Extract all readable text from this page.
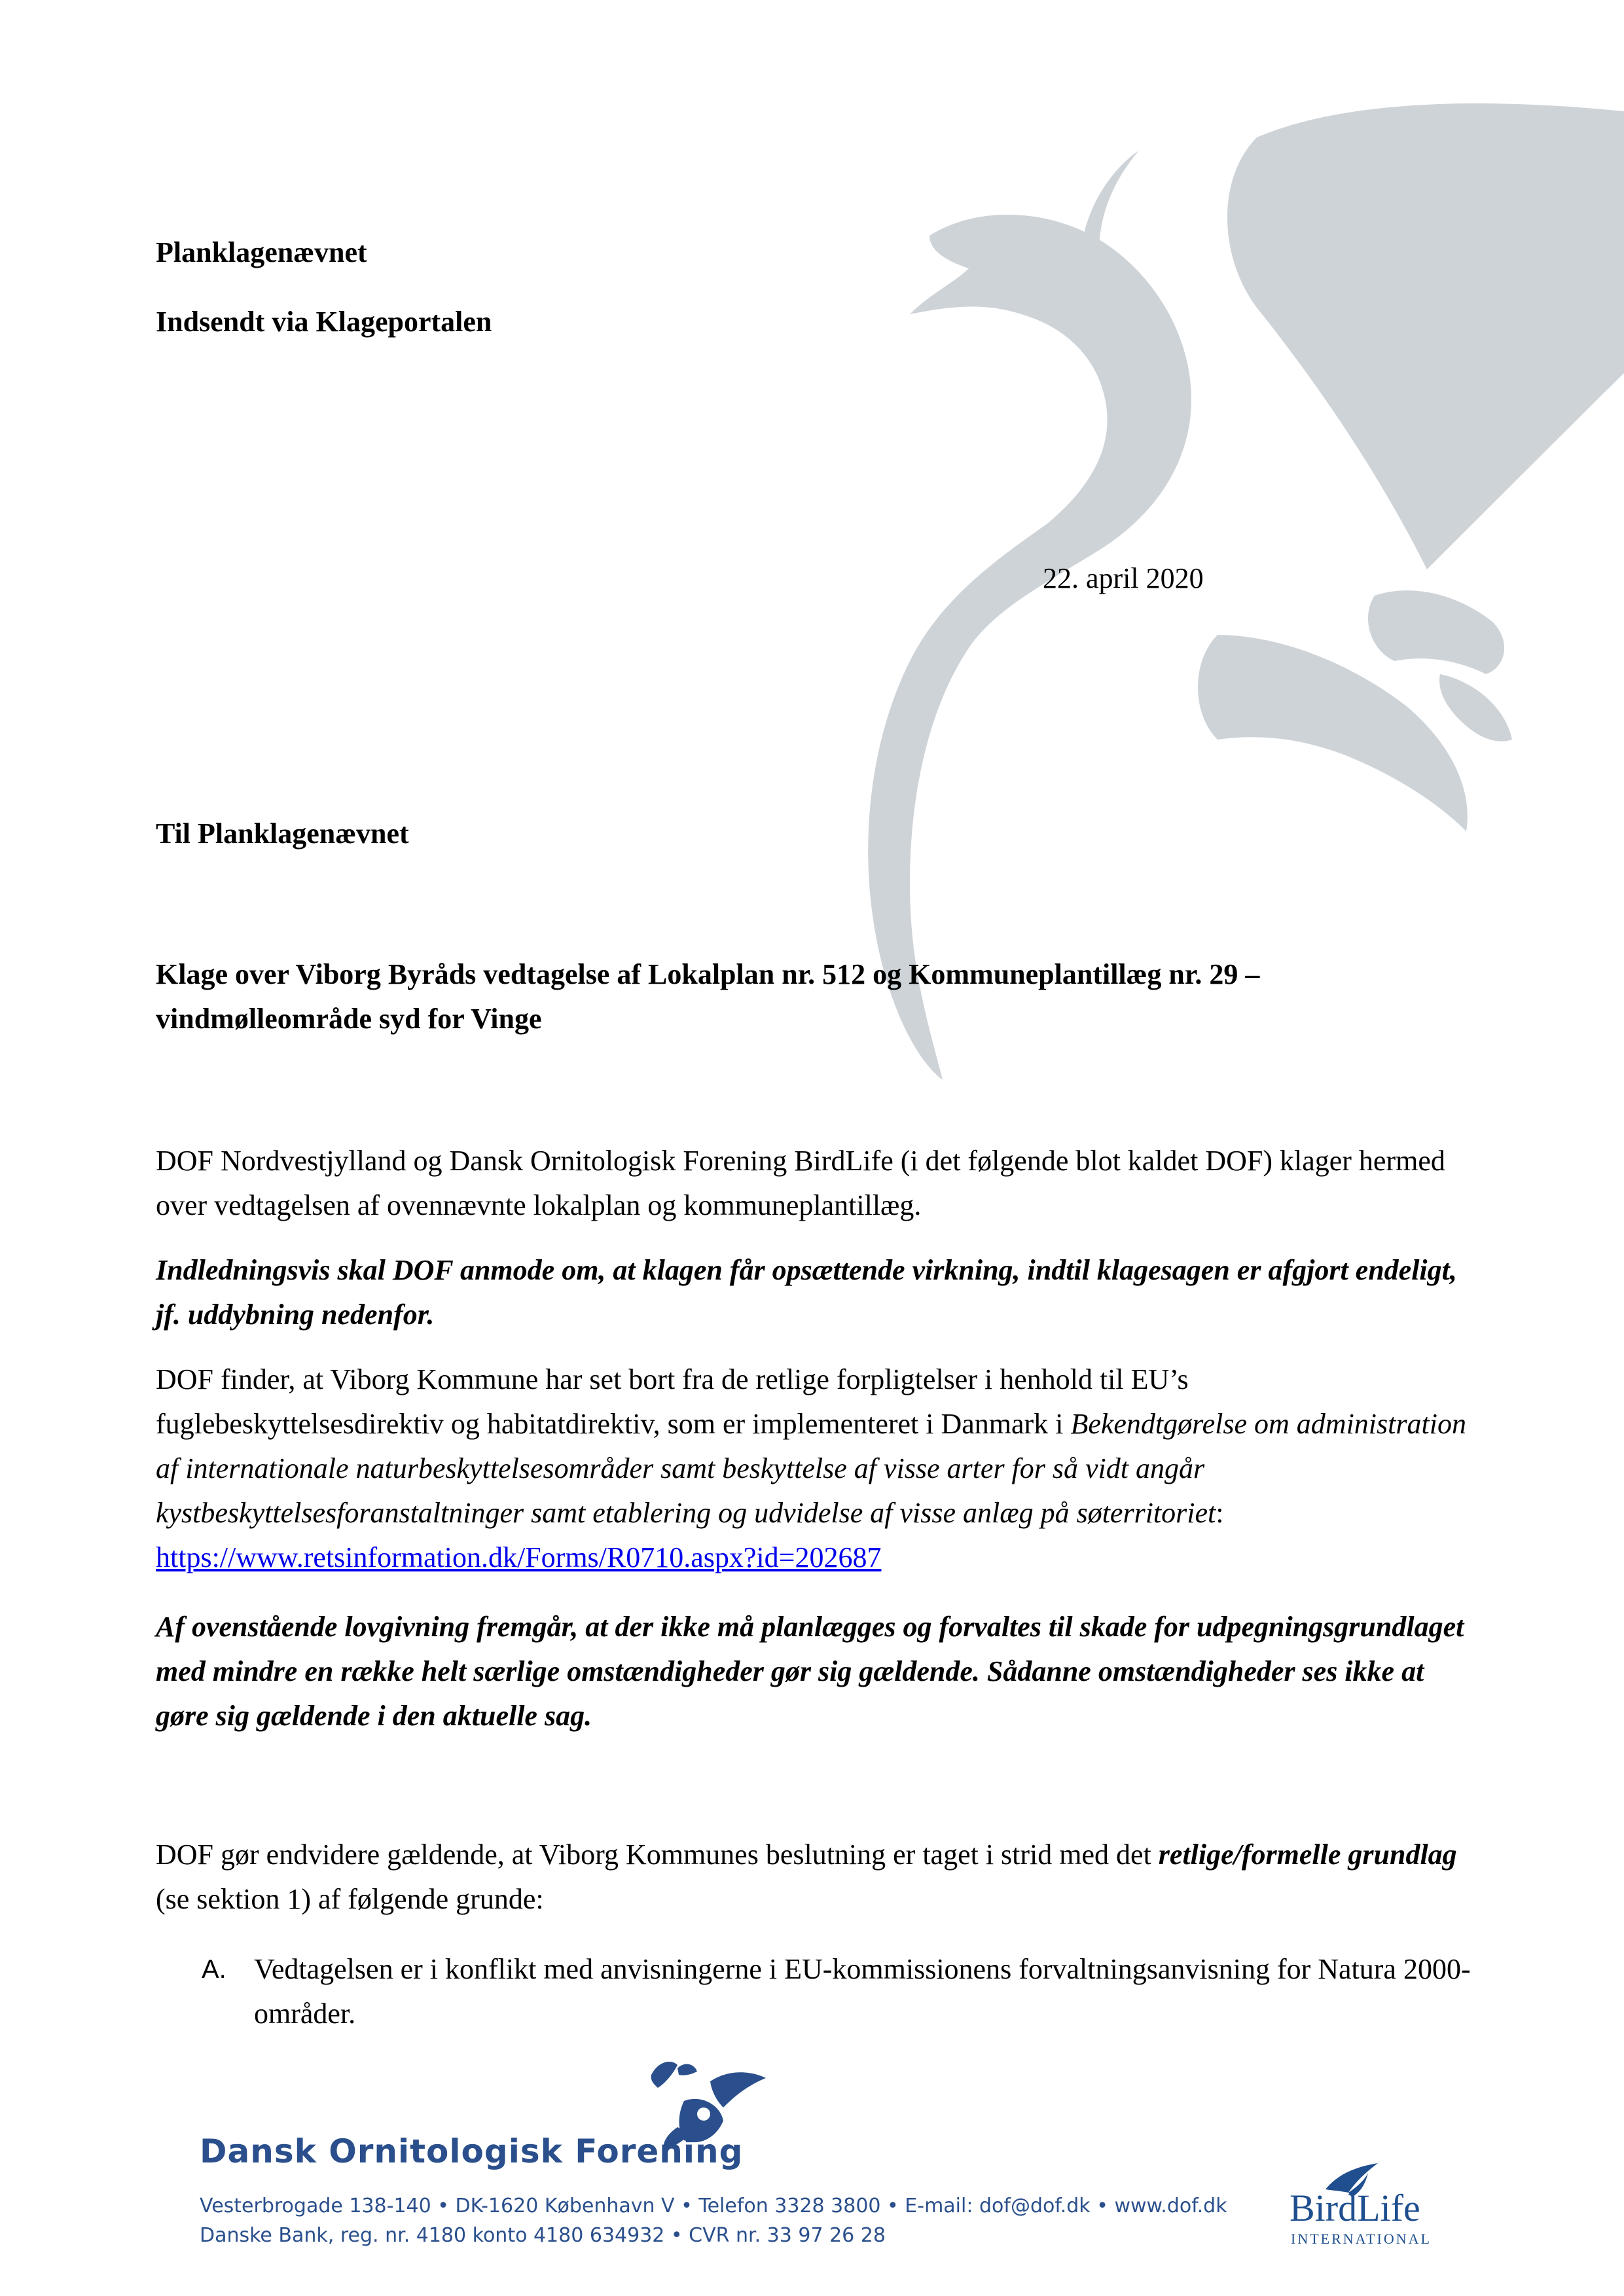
Planklagenævnet
Indsendt via Klageportalen
22. april 2020
Til Planklagenævnet
Klage over Viborg Byråds vedtagelse af Lokalplan nr. 512 og Kommuneplantillæg nr. 29 – vindmølleområde syd for Vinge

DOF Nordvestjylland og Dansk Ornitologisk Forening BirdLife (i det følgende blot kaldet DOF) klager hermed over vedtagelsen af ovennævnte lokalplan og kommuneplantillæg.

Indledningsvis skal DOF anmode om, at klagen får opsættende virkning, indtil klagesagen er afgjort endeligt, jf. uddybning nedenfor.

DOF finder, at Viborg Kommune har set bort fra de retlige forpligtelser i henhold til EU’s fuglebeskyttelsesdirektiv og habitatdirektiv, som er implementeret i Danmark i Bekendtgørelse om administration af internationale naturbeskyttelsesområder samt beskyttelse af visse arter for så vidt angår kystbeskyttelsesforanstaltninger samt etablering og udvidelse af visse anlæg på søterritoriet: https://www.retsinformation.dk/Forms/R0710.aspx?id=202687

Af ovenstående lovgivning fremgår, at der ikke må planlægges og forvaltes til skade for udpegningsgrundlaget med mindre en række helt særlige omstændigheder gør sig gældende. Sådanne omstændigheder ses ikke at gøre sig gældende i den aktuelle sag.

DOF gør endvidere gældende, at Viborg Kommunes beslutning er taget i strid med det retlige/formelle grundlag (se sektion 1) af følgende grunde:

A. Vedtagelsen er i konflikt med anvisningerne i EU-kommissionens forvaltningsanvisning for Natura 2000-områder.
Dansk Ornitologisk Forening
Vesterbrogade 138-140 • DK-1620 København V • Telefon 3328 3800 • E-mail: dof@dof.dk • www.dof.dk
Danske Bank, reg. nr. 4180 konto 4180 634932 • CVR nr. 33 97 26 28
BirdLife
INTERNATIONAL
